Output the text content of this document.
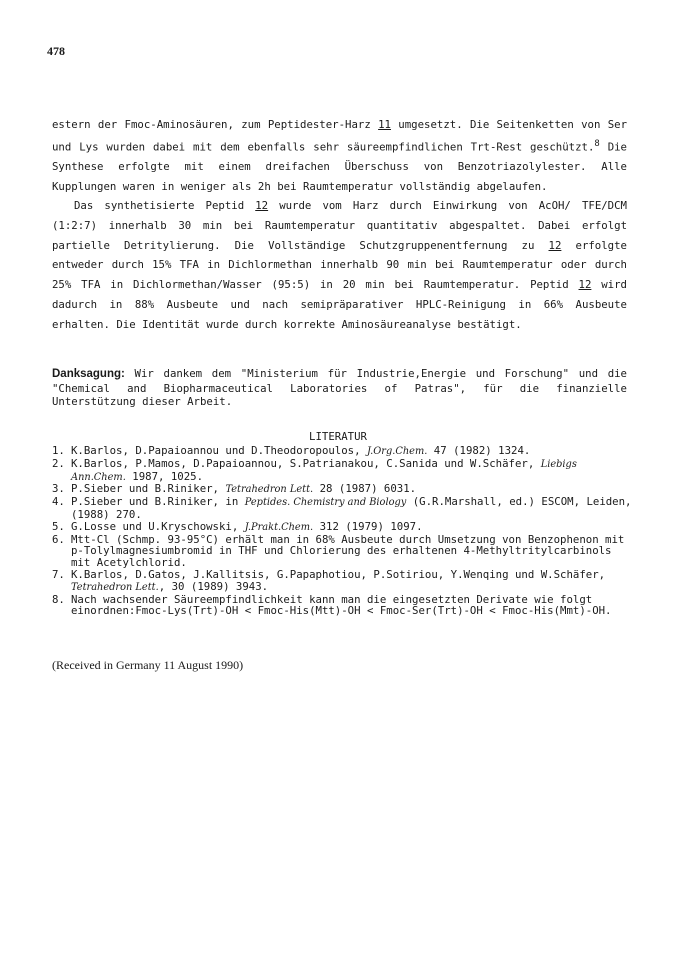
478

estern der Fmoc-Aminosäuren, zum Peptidester-Harz 11 umgesetzt. Die Seitenketten von Ser und Lys wurden dabei mit dem ebenfalls sehr säureempfindlichen Trt-Rest geschützt.$^8$ Die Synthese erfolgte mit einem dreifachen Überschuss von Benzotriazolylester. Alle Kupplungen waren in weniger als 2h bei Raumtemperatur vollständig abgelaufen.

Das synthetisierte Peptid 12 wurde vom Harz durch Einwirkung von AcOH/ TFE/DCM (1:2:7) innerhalb 30 min bei Raumtemperatur quantitativ abgespaltet. Dabei erfolgt partielle Detritylierung. Die Vollständige Schutzgruppenentfernung zu 12 erfolgte entweder durch 15% TFA in Dichlormethan innerhalb 90 min bei Raumtemperatur oder durch 25% TFA in Dichlormethan/Wasser (95:5) in 20 min bei Raumtemperatur. Peptid 12 wird dadurch in 88% Ausbeute und nach semipräparativer HPLC-Reinigung in 66% Ausbeute erhalten. Die Identität wurde durch korrekte Aminosäureanalyse bestätigt.

Danksagung: Wir dankem dem "Ministerium für Industrie,Energie und Forschung" und die "Chemical and Biopharmaceutical Laboratories of Patras", für die finanzielle Unterstützung dieser Arbeit.
LITERATUR
1. K.Barlos, D.Papaioannou und D.Theodoropoulos, J.Org.Chem. 47 (1982) 1324.
2. K.Barlos, P.Mamos, D.Papaioannou, S.Patrianakou, C.Sanida und W.Schäfer, Liebigs Ann.Chem. 1987, 1025.
3. P.Sieber und B.Riniker, Tetrahedron Lett. 28 (1987) 6031.
4. P.Sieber und B.Riniker, in Peptides. Chemistry and Biology (G.R.Marshall, ed.) ESCOM, Leiden, (1988) 270.
5. G.Losse und U.Kryschowski, J.Prakt.Chem. 312 (1979) 1097.
6. Mtt-Cl (Schmp. 93-95°C) erhält man in 68% Ausbeute durch Umsetzung von Benzophenon mit p-Tolylmagnesiumbromid in THF und Chlorierung des erhaltenen 4-Methyltritylcarbinols mit Acetylchlorid.
7. K.Barlos, D.Gatos, J.Kallitsis, G.Papaphotiou, P.Sotiriou, Y.Wenqing und W.Schäfer, Tetrahedron Lett., 30 (1989) 3943.
8. Nach wachsender Säureempfindlichkeit kann man die eingesetzten Derivate wie folgt einordnen:Fmoc-Lys(Trt)-OH < Fmoc-His(Mtt)-OH < Fmoc-Ser(Trt)-OH < Fmoc-His(Mmt)-OH.
(Received in Germany 11 August 1990)
